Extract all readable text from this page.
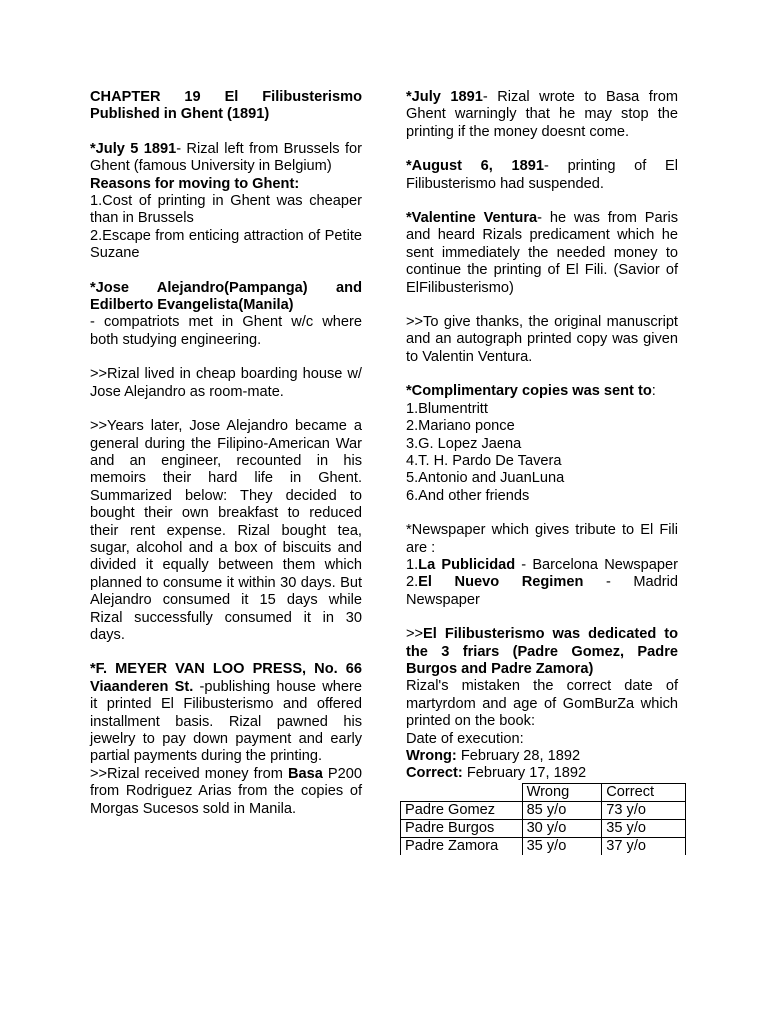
CHAPTER 19 El Filibusterismo Published in Ghent (1891)

*July 5 1891- Rizal left from Brussels for Ghent (famous University in Belgium)

Reasons for moving to Ghent:

1.Cost of printing in Ghent was cheaper than in Brussels

2.Escape from enticing attraction of Petite Suzane

*Jose Alejandro(Pampanga) and Edilberto Evangelista(Manila)

- compatriots met in Ghent w/c where both studying engineering.

>>Rizal lived in cheap boarding house w/ Jose Alejandro as room-mate.

>>Years later, Jose Alejandro became a general during the Filipino-American War and an engineer, recounted in his memoirs their hard life in Ghent. Summarized below: They decided to bought their own breakfast to reduced their rent expense. Rizal bought tea, sugar, alcohol and a box of biscuits and divided it equally between them which planned to consume it within 30 days. But Alejandro consumed it 15 days while Rizal successfully consumed it in 30 days.

*F. MEYER VAN LOO PRESS, No. 66 Viaanderen St. -publishing house where it printed El Filibusterismo and offered installment basis. Rizal pawned his jewelry to pay down payment and early partial payments during the printing.

>>Rizal received money from Basa P200 from Rodriguez Arias from the copies of Morgas Sucesos sold in Manila.

*July 1891- Rizal wrote to Basa from Ghent warningly that he may stop the printing if the money doesnt come.

*August 6, 1891- printing of El Filibusterismo had suspended.

*Valentine Ventura- he was from Paris and heard Rizals predicament which he sent immediately the needed money to continue the printing of El Fili. (Savior of ElFilibusterismo)

>>To give thanks, the original manuscript and an autograph printed copy was given to Valentin Ventura.

*Complimentary copies was sent to:

1.Blumentritt

2.Mariano ponce

3.G. Lopez Jaena

4.T. H. Pardo De Tavera

5.Antonio and JuanLuna

6.And other friends

*Newspaper which gives tribute to El Fili are :

1.La Publicidad - Barcelona Newspaper

2.El Nuevo Regimen - Madrid Newspaper

>>El Filibusterismo was dedicated to the 3 friars (Padre Gomez, Padre Burgos and Padre Zamora)

Rizal's mistaken the correct date of martyrdom and age of GomBurZa which printed on the book:

Date of execution:

Wrong: February 28, 1892

Correct: February 17, 1892

	Wrong	Correct
Padre Gomez	85 y/o	73 y/o
Padre Burgos	30 y/o	35 y/o
Padre Zamora	35 y/o	37 y/o
